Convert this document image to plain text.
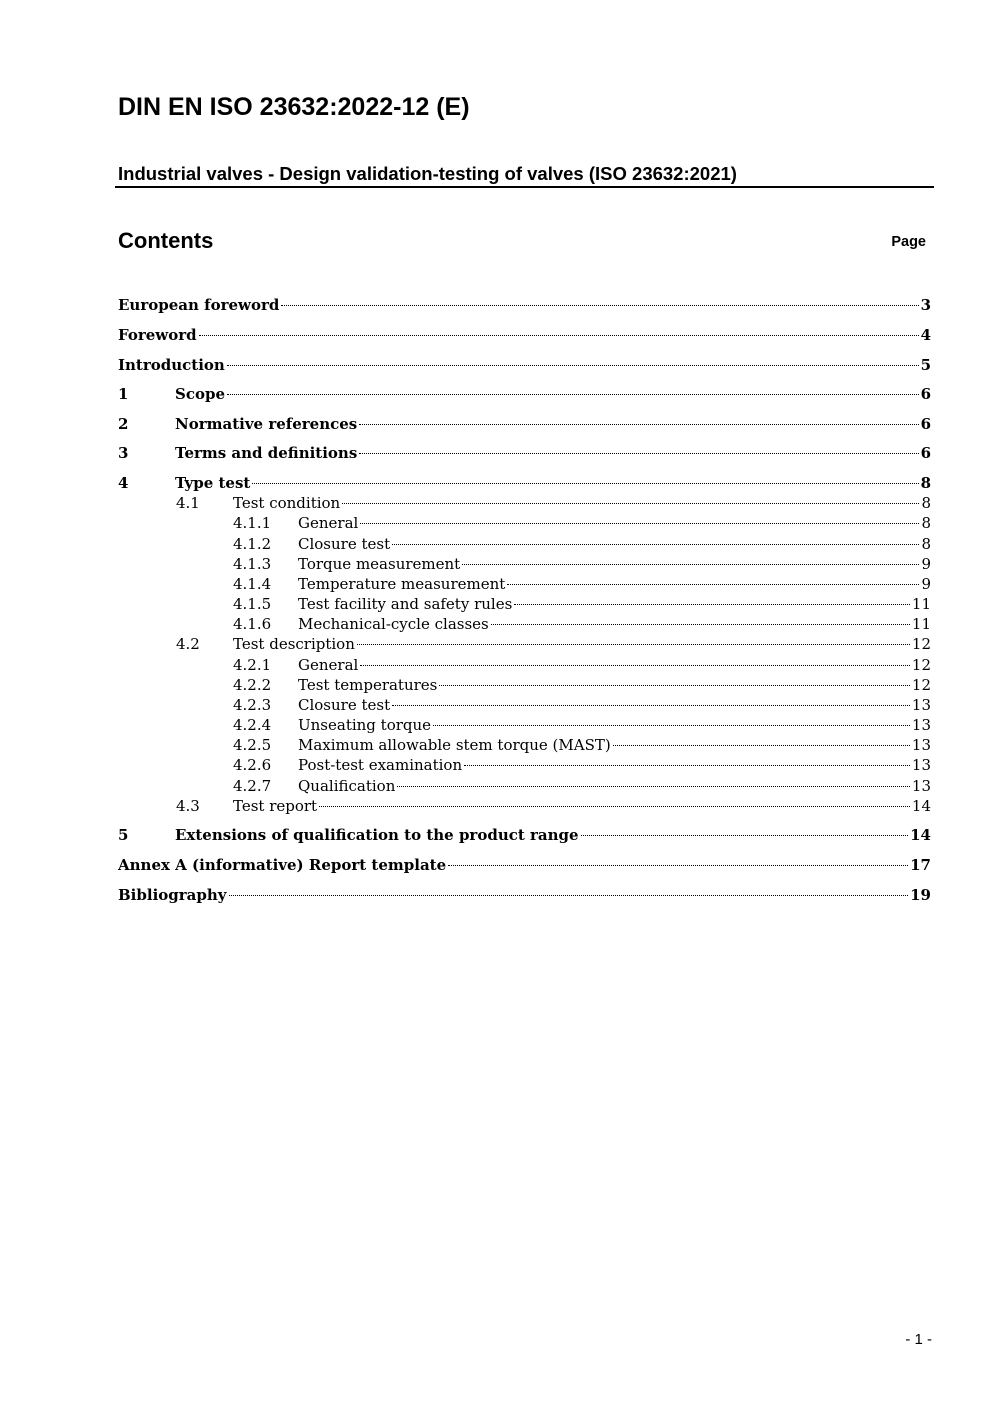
DIN EN ISO 23632:2022-12 (E)
Industrial valves - Design validation-testing of valves (ISO 23632:2021)
Contents	Page
European foreword	3
Foreword	4
Introduction	5
1	Scope	6
2	Normative references	6
3	Terms and definitions	6
4	Type test	8
4.1	Test condition	8
4.1.1	General	8
4.1.2	Closure test	8
4.1.3	Torque measurement	9
4.1.4	Temperature measurement	9
4.1.5	Test facility and safety rules	11
4.1.6	Mechanical-cycle classes	11
4.2	Test description	12
4.2.1	General	12
4.2.2	Test temperatures	12
4.2.3	Closure test	13
4.2.4	Unseating torque	13
4.2.5	Maximum allowable stem torque (MAST)	13
4.2.6	Post-test examination	13
4.2.7	Qualification	13
4.3	Test report	14
5	Extensions of qualification to the product range	14
Annex A (informative) Report template	17
Bibliography	19
- 1 -
